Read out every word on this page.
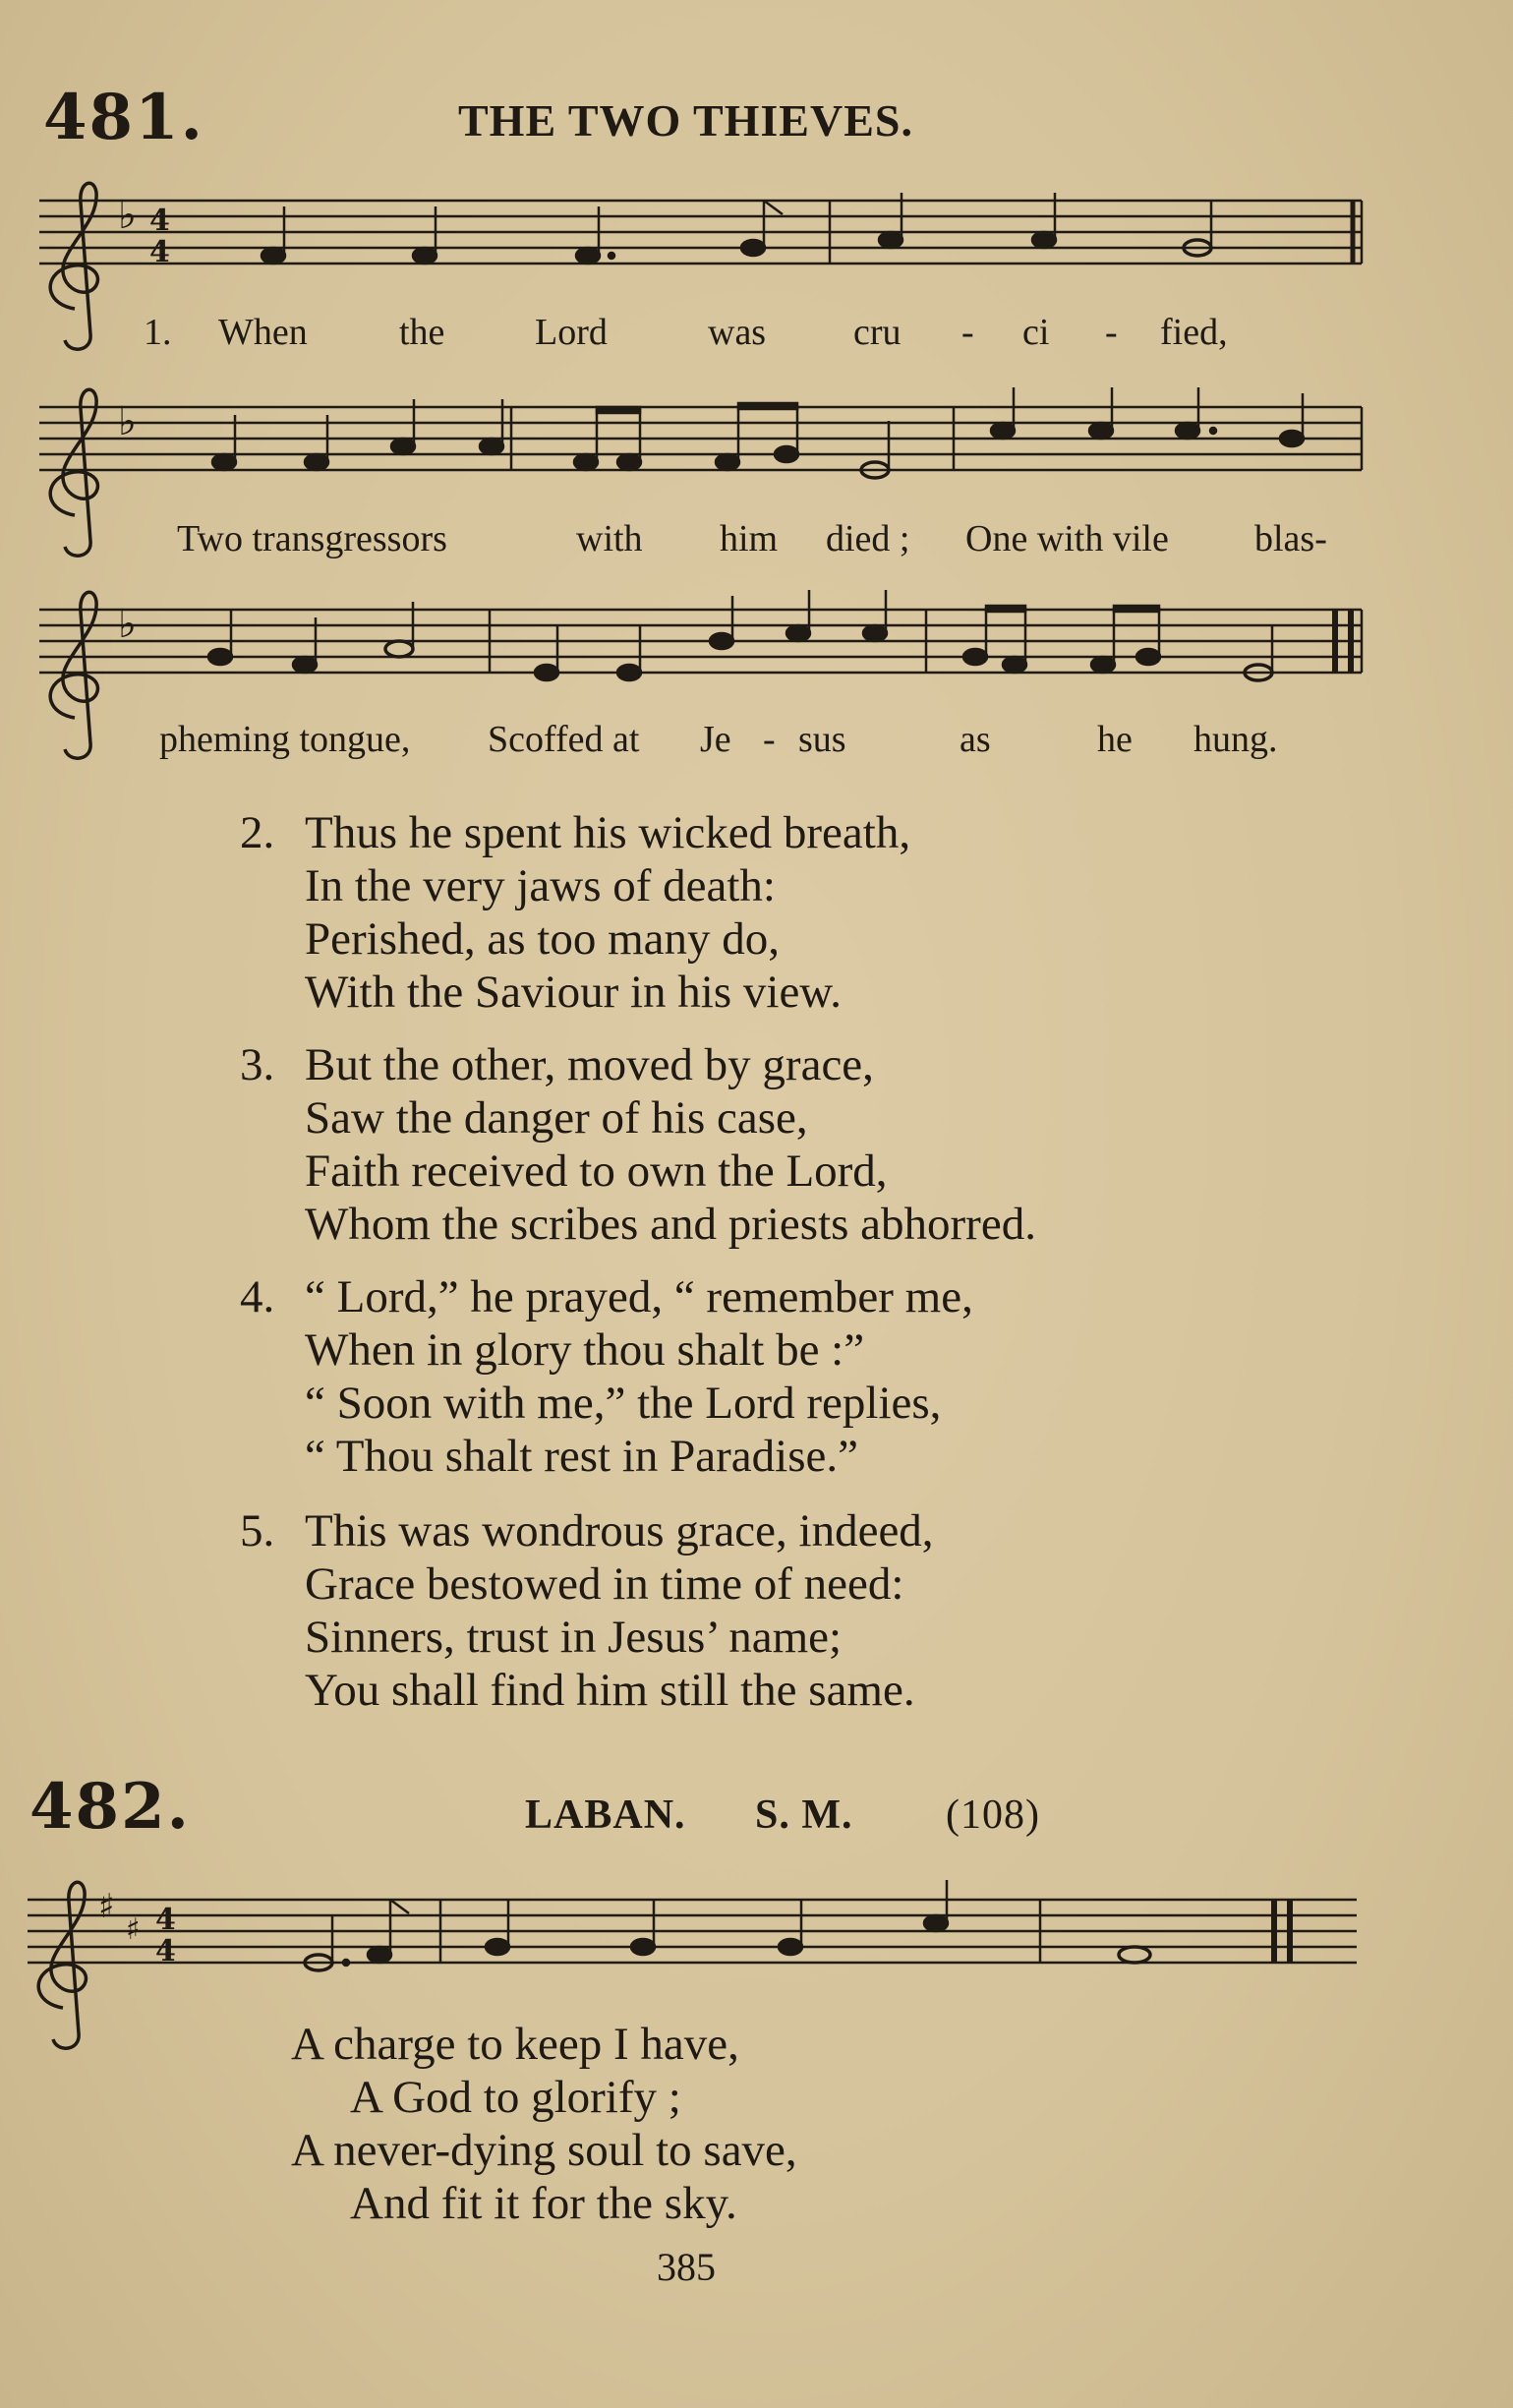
481.	THE TWO THIEVES.
♭ 4
4
1. When the Lord	was cru - ci - fied,
♭
Two transgressors	with him died ; One with vile blas-
♭
pheming tongue, Scoffed at Je - sus	as	he hung.
2. Thus he spent his wicked breath,
In the very jaws of death:
Perished, as too many do,
With the Saviour in his view.
3. But the other, moved by grace,
Saw the danger of his case,
Faith received to own the Lord,
Whom the scribes and priests abhorred.
4. “ Lord,” he prayed, “ remember me,
When in glory thou shalt be :”
“ Soon with me,” the Lord replies,
“ Thou shalt rest in Paradise.”
5. This was wondrous grace, indeed,
Grace bestowed in time of need:
Sinners, trust in Jesus’ name;
You shall find him still the same.
482.	LABAN. S. M. (108)
♯
♯ 4
4
A charge to keep I have,
A God to glorify ;
A never-dying soul to save,
And fit it for the sky.
385
